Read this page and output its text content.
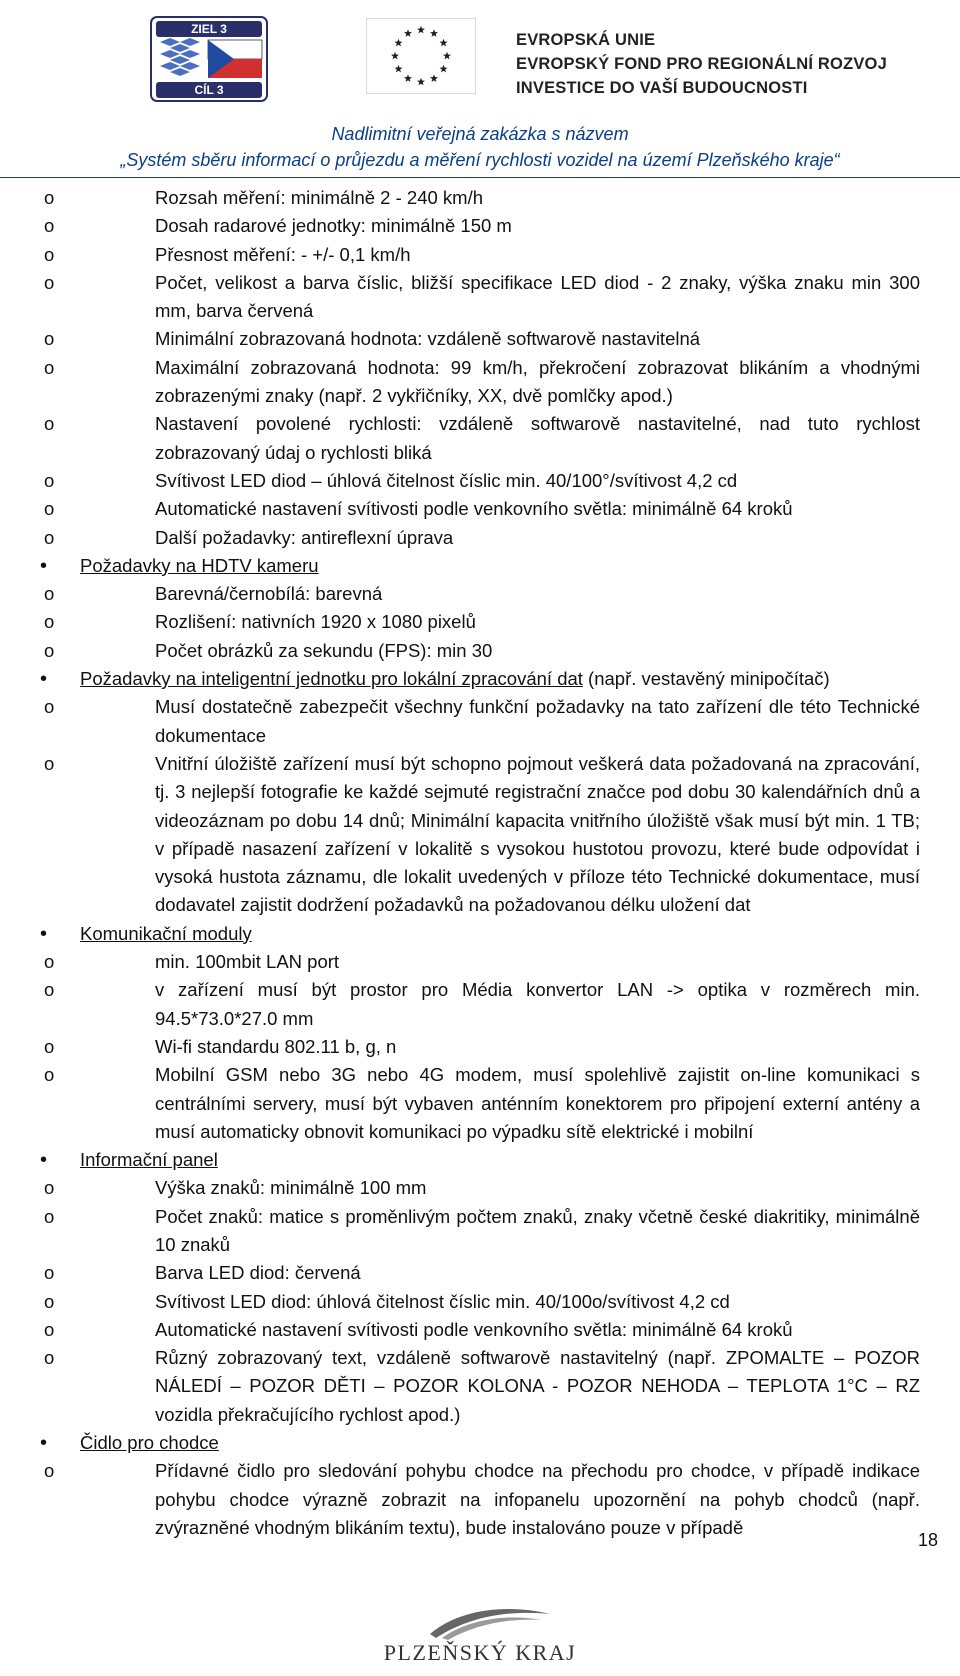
ZIEL 3
CÍL 3
EVROPSKÁ UNIE
EVROPSKÝ FOND PRO REGIONÁLNÍ ROZVOJ
INVESTICE DO VAŠÍ BUDOUCNOSTI
Nadlimitní veřejná zakázka s názvem
„Systém sběru informací o průjezdu a měření rychlosti vozidel na území Plzeňského kraje“
o	Rozsah měření: minimálně 2 - 240 km/h
o	Dosah radarové jednotky: minimálně 150 m
o	Přesnost měření: - +/- 0,1 km/h
o	Počet, velikost a barva číslic, bližší specifikace LED diod - 2 znaky, výška znaku min 300 mm, barva červená
o	Minimální zobrazovaná hodnota: vzdáleně softwarově nastavitelná
o	Maximální zobrazovaná hodnota: 99 km/h, překročení zobrazovat blikáním a vhodnými zobrazenými znaky (např. 2 vykřičníky, XX, dvě pomlčky apod.)
o	Nastavení povolené rychlosti: vzdáleně softwarově nastavitelné, nad tuto rychlost zobrazovaný údaj o rychlosti bliká
o	Svítivost LED diod – úhlová čitelnost číslic min. 40/100°/svítivost 4,2 cd
o	Automatické nastavení svítivosti podle venkovního světla: minimálně 64 kroků
o	Další požadavky: antireflexní úprava
•	Požadavky na HDTV kameru
o	Barevná/černobílá: barevná
o	Rozlišení: nativních 1920 x 1080 pixelů
o	Počet obrázků za sekundu (FPS): min 30
•	Požadavky na inteligentní jednotku pro lokální zpracování dat (např. vestavěný minipočítač)
o	Musí dostatečně zabezpečit všechny funkční požadavky na tato zařízení dle této Technické dokumentace
o	Vnitřní úložiště zařízení musí být schopno pojmout veškerá data požadovaná na zpracování, tj. 3 nejlepší fotografie ke každé sejmuté registrační značce pod dobu 30 kalendářních dnů a videozáznam po dobu 14 dnů; Minimální kapacita vnitřního úložiště však musí být min. 1 TB; v případě nasazení zařízení v lokalitě s vysokou hustotou provozu, které bude odpovídat i vysoká hustota záznamu, dle lokalit uvedených v příloze této Technické dokumentace, musí dodavatel zajistit dodržení požadavků na požadovanou délku uložení dat
•	Komunikační moduly
o	min. 100mbit LAN port
o	v zařízení musí být prostor pro Média konvertor LAN -> optika v rozměrech min. 94.5*73.0*27.0 mm
o	Wi-fi standardu 802.11 b, g, n
o	Mobilní GSM nebo 3G nebo 4G modem, musí spolehlivě zajistit on-line komunikaci s centrálními servery, musí být vybaven anténním konektorem pro připojení externí antény a musí automaticky obnovit komunikaci po výpadku sítě elektrické i mobilní
•	Informační panel
o	Výška znaků: minimálně 100 mm
o	Počet znaků: matice s proměnlivým počtem znaků, znaky včetně české diakritiky, minimálně 10 znaků
o	Barva LED diod: červená
o	Svítivost LED diod: úhlová čitelnost číslic min. 40/100o/svítivost 4,2 cd
o	Automatické nastavení svítivosti podle venkovního světla: minimálně 64 kroků
o	Různý zobrazovaný text, vzdáleně softwarově nastavitelný (např. ZPOMALTE – POZOR NÁLEDÍ – POZOR DĚTI – POZOR KOLONA - POZOR NEHODA – TEPLOTA 1°C – RZ vozidla překračujícího rychlost apod.)
•	Čidlo pro chodce
o	Přídavné čidlo pro sledování pohybu chodce na přechodu pro chodce, v případě indikace pohybu chodce výrazně zobrazit na infopanelu upozornění na pohyb chodců (např. zvýrazněné vhodným blikáním textu), bude instalováno pouze v případě
18
PLZEŇSKÝ KRAJ
